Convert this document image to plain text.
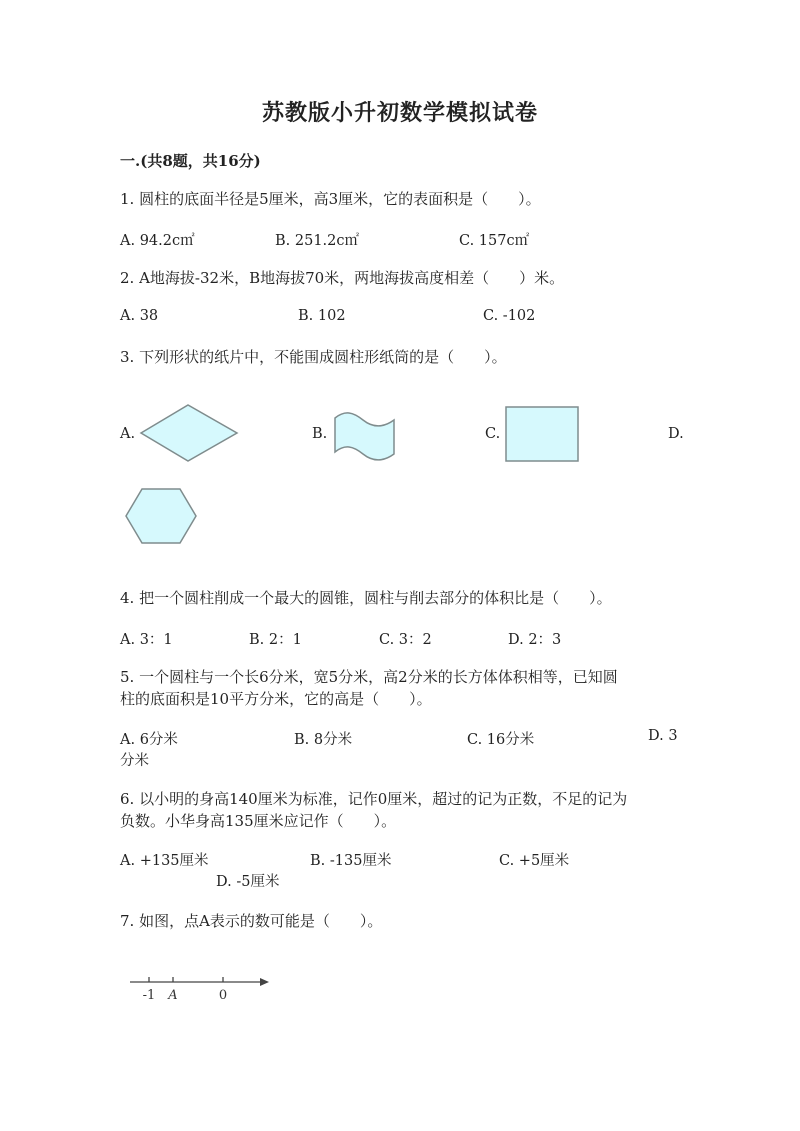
苏教版小升初数学模拟试卷
一.(共8题，共16分)
1. 圆柱的底面半径是5厘米，高3厘米，它的表面积是（　　）。
A. 94.2c㎡	B. 251.2c㎡	C. 157c㎡
2. A地海拔-32米，B地海拔70米，两地海拔高度相差（　　）米。
A. 38	B. 102	C. -102
3. 下列形状的纸片中，不能围成圆柱形纸筒的是（　　）。
A.	B.	C.	D.
4. 把一个圆柱削成一个最大的圆锥，圆柱与削去部分的体积比是（　　）。
A. 3：1	B. 2：1	C. 3：2	D. 2：3
5. 一个圆柱与一个长6分米，宽5分米，高2分米的长方体体积相等，已知圆
柱的底面积是10平方分米，它的高是（　　）。
A. 6分米	B. 8分米	C. 16分米	D. 3
分米
6. 以小明的身高140厘米为标准，记作0厘米，超过的记为正数，不足的记为
负数。小华身高135厘米应记作（　　）。
A. +135厘米	B. -135厘米	C. +5厘米
D. -5厘米
7. 如图，点A表示的数可能是（　　）。
-1 A	0
